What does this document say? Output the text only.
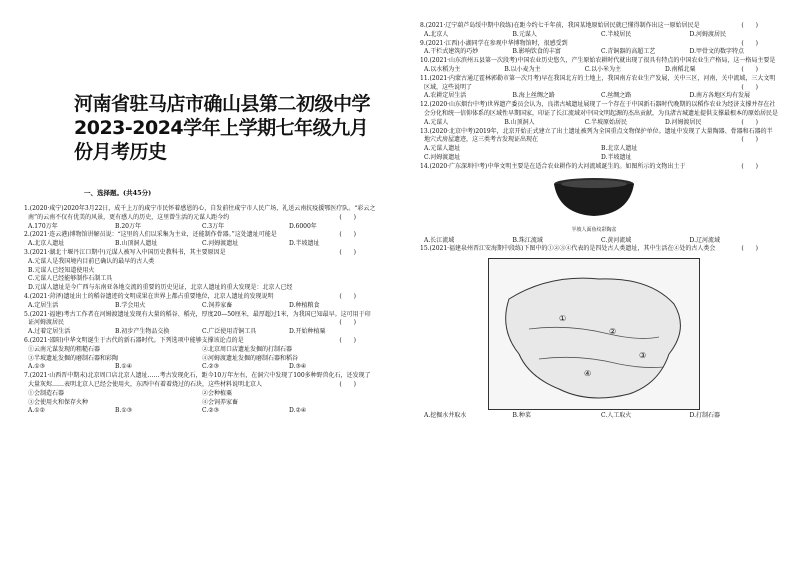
河南省驻马店市确山县第二初级中学2023-2024学年上学期七年级九月份月考历史
一、选择题。(共45分)
1.(2020·咸宁)2020年3月22日，成千上万的咸宁市民怀着感恩的心，自发前往咸宁市人民广场，礼送云南抗疫援鄂医疗队。“彩云之南”的云南不仅有优美的风景，更有感人的历史，这里曾生活的元谋人距今约	(　　)
A.170万年	B.20万年	C.3万年	D.6000年
2.(2021·连云港)博物馆讲解员说：“这里的人们以采集为主业，还能制作骨器。”这处遗址可能是	(　　)
A.北京人遗址	B.山顶洞人遗址	C.河姆渡遗址	D.半坡遗址
3.(2021·湖北十堰丹江口期中)元谋人被写入中国历史教科书，其主要原因是	(　　)
A.元谋人是我国境内目前已确认的最早的古人类
B.元谋人已经知道使用火
C.元谋人已经能够制作石制工具
D.元谋人遗址是今广西与东南亚各地交流的重要的历史见证，北京人遗址的重大发现是：北京人已经
4.(2021·菏泽)遗址出土的稻谷遗迹的文明成果在世界上都占重要地位，北京人遗址的发现说明	(　　)
A.定居生活	B.学会用火	C.饲养家畜	D.种植粮食
5.(2021·福建)考古工作者在河姆渡遗址发现有大量的稻谷、稻壳，厚度20—50厘米，最厚超过1米，为我国已知最早。这可用于印证河姆渡居民	(　　)
A.过着定居生活	B.初步产生物品交换	C.广泛使用青铜工具	D.开始种植粟
6.(2021·邵阳)中华文明诞生于古代的新石器时代。下列选项中能够支撑该论点的是	(　　)
①云南元谋发现的粗糙石器	②北京周口店遗址发掘的打制石器
③半坡遗址发掘的磨制石器和彩陶	④河姆渡遗址发掘的磨制石器和稻谷
A.①③	B.①④	C.②③	D.③④
7.(2021·山西晋中期末)北京周口店北京人遗址……考古发现化石，距今10万年左右，在洞穴中发现了100多种野兽化石，还发现了大量灰烬……表明北京人已经会使用火，东西中有着着烧过的石块，这些材料说明北京人	(　　)
①会制造石器	②会种植粟
③会使用火和保存火种	④会饲养家畜
A.①②	B.①③	C.②③	D.②④
8.(2021·辽宁葫芦岛绥中期中段练)在距今约七千年前，我国某地原始居民就已懂得制作出这一原始居民是	(　　)
A.北京人	B.元谋人	C.半坡居民	D.河姆渡居民
9.(2021·江西)小湖同学在参观中华博物馆时，很感受到	(　　)
A.干栏式建筑的巧妙	B.影响饮食的丰富	C.青铜器的高超工艺	D.甲骨文的数字特点
10.(2021·山东滨州五县第一次段考)中国农业历史悠久，产生原始农耕时代就出现了很具有特点的中国农业生产格局，这一格局主要是
(　　)
A.以水稻为主	B.以小麦为主	C.以小米为主	D.南稻北粟
11.(2021·内蒙古通辽霍林郭勒市第一次月考)早在我国北方的土地上，我国南方农业生产发展，关中三区，河南，关中流域，三大文明区域，这些说明了	(　　)
A.农耕定居生活	B.海上丝绸之路	C.丝绸之路	D.南方各地区均有发展
12.(2020·山东烟台中考)世界遗产委员会认为，良渚古城遗址展现了一个存在于中国新石器时代晚期的以稻作农业为经济支撑并存在社会分化和统一信仰体系的区域性早期国家，印证了长江流域对中国文明起源的杰出贡献，为良渚古城遗址提供支撑最根本的原始居民是
(　　)
A.元谋人	B.山顶洞人	C.半坡原始居民	D.河姆渡居民
13.(2020·北京中考)2019年，北京开始正式建立了出土遗址被列为全国重点文物保护单位。遗址中发现了大量陶器、骨器和石器的半地穴式房屋遗迹，这三类考古发现证出现在	(　　)
A.元谋人遗址	B.北京人遗址
C.河姆渡遗址	D.半坡遗址
14.(2020·广东深圳中考)中华文明主要是在适合农业耕作的大河流域诞生的。如图所示的文物出土于	(　　)
半坡人面鱼纹彩陶盆
A.长江流域	B.珠江流域	C.黄河流域	D.辽河流域
15.(2021·福建泉州晋江安海期中段练)下图中的①②③④代表的是四处古人类遗址，其中生活在④处的古人类会	(　　)
①
②
③
④
A.挖掘水井取水	B.种菜	C.人工取火	D.打制石器
